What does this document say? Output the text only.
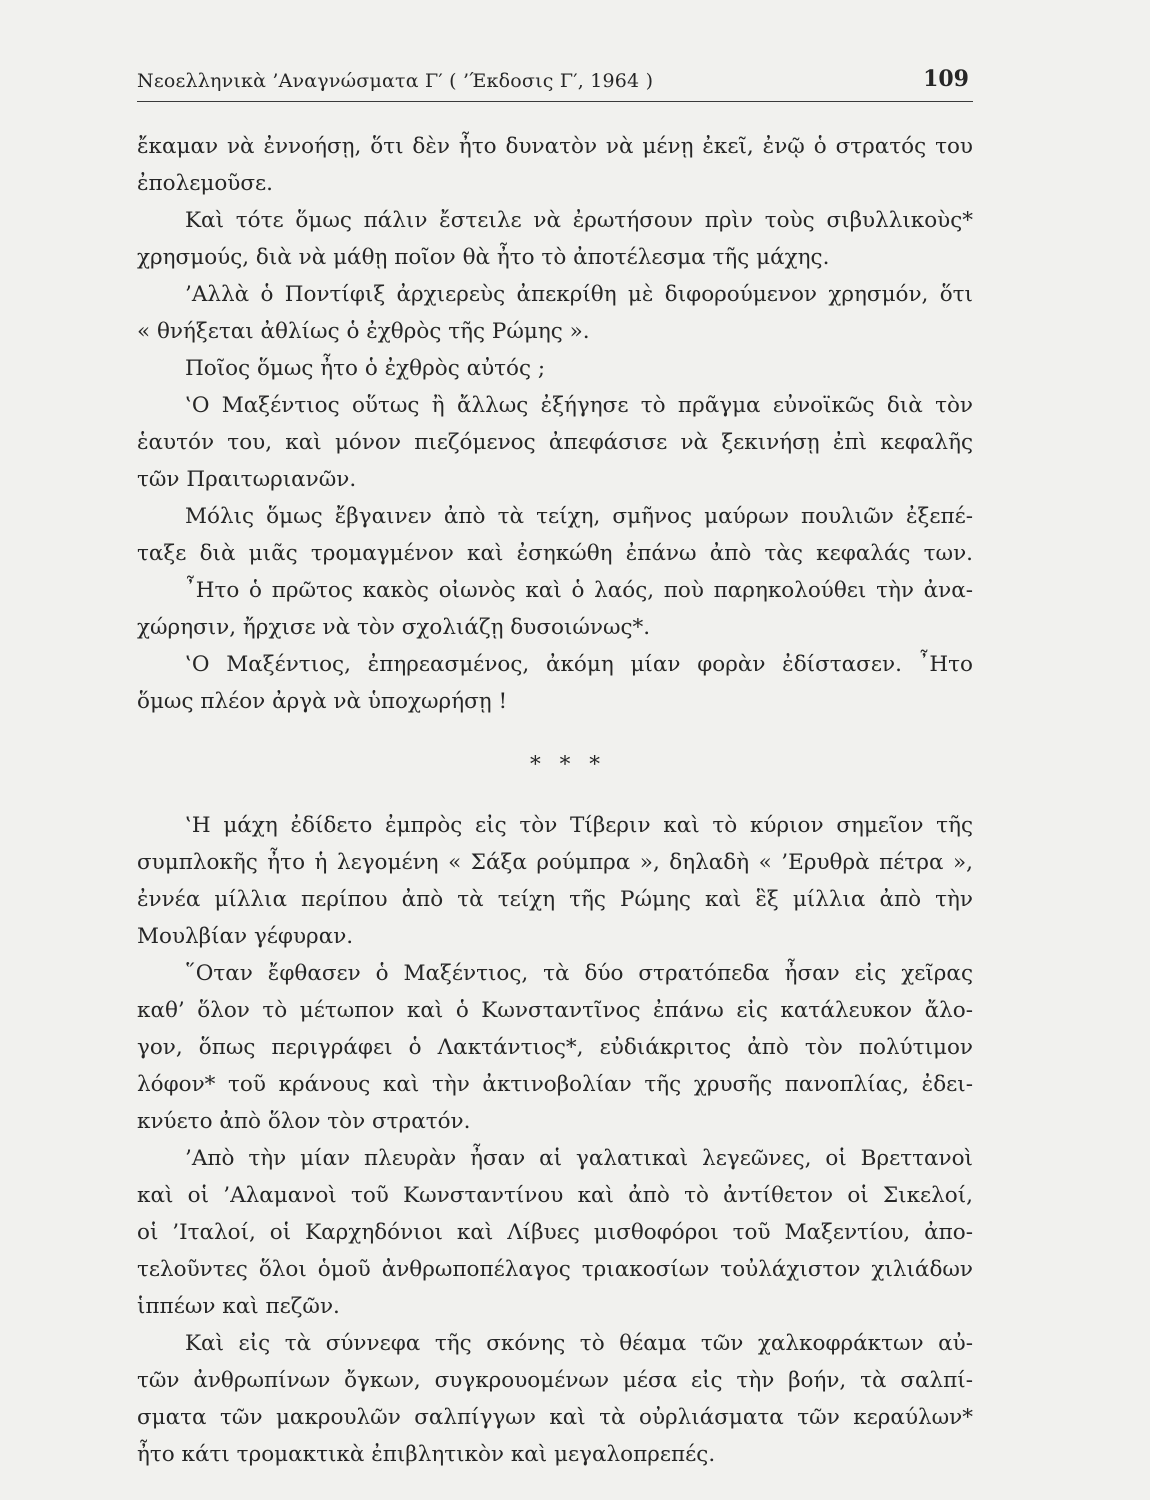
Νεοελληνικὰ ’Αναγνώσματα Γ′ ( ’Έκδοσις Γ′, 1964 )	109
ἔκαμαν νὰ ἐννοήσῃ, ὅτι δὲν ἦτο δυνατὸν νὰ μένῃ ἐκεῖ, ἐνῷ ὁ στρατός του
ἐπολεμοῦσε.
Καὶ τότε ὅμως πάλιν ἔστειλε νὰ ἐρωτήσουν πρὶν τοὺς σιβυλλικοὺς*
χρησμούς, διὰ νὰ μάθῃ ποῖον θὰ ἦτο τὸ ἀποτέλεσμα τῆς μάχης.
’Αλλὰ ὁ Ποντίφιξ ἀρχιερεὺς ἀπεκρίθη μὲ διφορούμενον χρησμόν, ὅτι
« θνήξεται ἀθλίως ὁ ἐχθρὸς τῆς Ρώμης ».
Ποῖος ὅμως ἦτο ὁ ἐχθρὸς αὐτός ;
‛Ο Μαξέντιος οὕτως ἢ ἄλλως ἐξήγησε τὸ πρᾶγμα εὐνοϊκῶς διὰ τὸν
ἑαυτόν του, καὶ μόνον πιεζόμενος ἀπεφάσισε νὰ ξεκινήσῃ ἐπὶ κεφαλῆς
τῶν Πραιτωριανῶν.
Μόλις ὅμως ἔβγαινεν ἀπὸ τὰ τείχη, σμῆνος μαύρων πουλιῶν ἐξεπέ-
ταξε διὰ μιᾶς τρομαγμένον καὶ ἐσηκώθη ἐπάνω ἀπὸ τὰς κεφαλάς των.
῏Ητο ὁ πρῶτος κακὸς οἰωνὸς καὶ ὁ λαός, ποὺ παρηκολούθει τὴν ἀνα-
χώρησιν, ἤρχισε νὰ τὸν σχολιάζῃ δυσοιώνως*.
‛Ο Μαξέντιος, ἐπηρεασμένος, ἀκόμη μίαν φορὰν ἐδίστασεν. ῏Ητο
ὅμως πλέον ἀργὰ νὰ ὑποχωρήσῃ !
* * *
‛Η μάχη ἐδίδετο ἐμπρὸς εἰς τὸν Τίβεριν καὶ τὸ κύριον σημεῖον τῆς
συμπλοκῆς ἦτο ἡ λεγομένη « Σάξα ρούμπρα », δηλαδὴ « ’Ερυθρὰ πέτρα »,
ἐννέα μίλλια περίπου ἀπὸ τὰ τείχη τῆς Ρώμης καὶ ἓξ μίλλια ἀπὸ τὴν
Μουλβίαν γέφυραν.
῞Οταν ἔφθασεν ὁ Μαξέντιος, τὰ δύο στρατόπεδα ἦσαν εἰς χεῖρας
καθ’ ὅλον τὸ μέτωπον καὶ ὁ Κωνσταντῖνος ἐπάνω εἰς κατάλευκον ἄλο-
γον, ὅπως περιγράφει ὁ Λακτάντιος*, εὐδιάκριτος ἀπὸ τὸν πολύτιμον
λόφον* τοῦ κράνους καὶ τὴν ἀκτινοβολίαν τῆς χρυσῆς πανοπλίας, ἐδει-
κνύετο ἀπὸ ὅλον τὸν στρατόν.
’Απὸ τὴν μίαν πλευρὰν ἦσαν αἱ γαλατικαὶ λεγεῶνες, οἱ Βρεττανοὶ
καὶ οἱ ’Αλαμανοὶ τοῦ Κωνσταντίνου καὶ ἀπὸ τὸ ἀντίθετον οἱ Σικελοί,
οἱ ’Ιταλοί, οἱ Καρχηδόνιοι καὶ Λίβυες μισθοφόροι τοῦ Μαξεντίου, ἀπο-
τελοῦντες ὅλοι ὁμοῦ ἀνθρωποπέλαγος τριακοσίων τοὐλάχιστον χιλιάδων
ἱππέων καὶ πεζῶν.
Καὶ εἰς τὰ σύννεφα τῆς σκόνης τὸ θέαμα τῶν χαλκοφράκτων αὐ-
τῶν ἀνθρωπίνων ὄγκων, συγκρουομένων μέσα εἰς τὴν βοήν, τὰ σαλπί-
σματα τῶν μακρουλῶν σαλπίγγων καὶ τὰ οὐρλιάσματα τῶν κεραύλων*
ἦτο κάτι τρομακτικὰ ἐπιβλητικὸν καὶ μεγαλοπρεπές.
